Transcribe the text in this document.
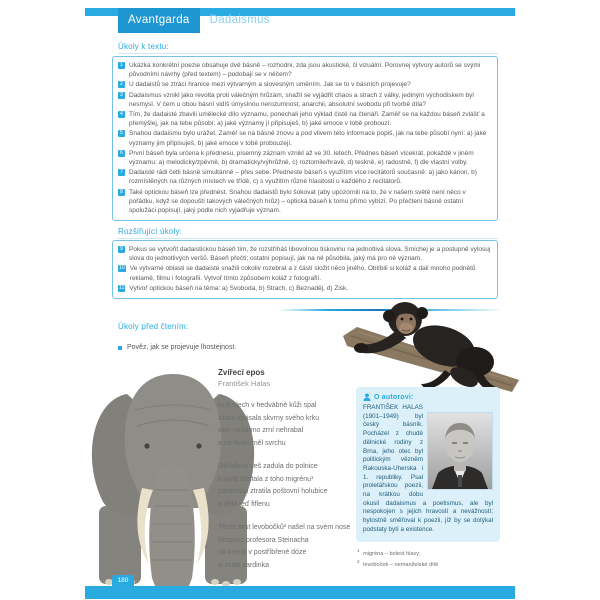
Avantgarda	Dadaismus
Úkoly k textu:
1 Ukázka konkrétní poezie obsahuje dvě básně – rozhodni, zda jsou akustické, či vizuální. Porovnej výtvory autorů se svými původními návrhy (před textem) – podobají se v něčem?
2 U dadaistů se ztrácí hranice mezi výtvarným a slovesným uměním. Jak se to v básních projevuje?
3 Dadaismus vznikl jako revolta proti válečným hrůzám, snažil se vyjádřit chaos a strach z války, jediným východiskem byl nesmysl. V čem u obou básní vidíš úmyslnou nerozumnost, anarchii, absolutní svobodu při tvorbě díla?
4 Tím, že dadaisté zbavili umělecké dílo významu, ponechali jeho výklad čistě na čtenáři. Zaměř se na každou báseň zvlášť a přemýšlej, jak na tebe působí: a) jaké významy jí připisuješ, b) jaké emoce v tobě probouzí.
5 Snahou dadaismu bylo urážet. Zaměř se na básně znovu a pod vlivem této informace popiš, jak na tebe působí nyní: a) jaké významy jim připisuješ, b) jaké emoce v tobě probouzejí.
6 První báseň byla určena k přednesu, písemný záznam vznikl až ve 30. letech. Přednes báseň vícekrát, pokaždé v jiném významu: a) melodicky/zpěvně, b) dramaticky/výhrůžně, c) roztomile/hravě, d) teskně, e) radostně, f) dle vlastní volby.
7 Dadaisté rádi četli básně simultánně – přes sebe. Předneste báseň s využitím více recitátorů současně: a) jako kánon, b) rozmístěných na různých místech ve třídě, c) s využitím různé hlasitosti u každého z recitátorů.
8 Také optickou báseň lze přednést. Snahou dadaistů bylo šokovat (aby upozornili na to, že v našem světě není něco v pořádku, když se dopouští takových válečných hrůz) – optická báseň k tomu přímo vybízí. Po přečtení básně ostatní spolužáci popisují, jaký podle nich vyjadřuje význam.
Rozšiřující úkoly:
9 Pokus se vytvořit dadaistickou báseň tím, že rozstříháš libovolnou tiskovinu na jednotlivá slova. Smíchej je a postupně vylosuj slova do jednotlivých veršů. Báseň přečti; ostatní popisují, jak na ně působila, jaký má pro ně význam.
10 Ve výtvarné oblasti se dadaisté snažili cokoliv rozebrat a z částí složit něco jiného. Oblíbili si koláž a dali mnoho podnětů reklamě, filmu i fotografii. Vytvoř tímto způsobem koláž z fotografií.
11 Vytvoř optickou báseň na téma: a) Svoboda, b) Strach, c) Beznaděj, d) Zisk.
Úkoly před čtením:
Pověz, jak se projevuje lhostejnost.
Zvířecí epos
František Halas
Král blech v hedvábné kůži spal
žirafa spásala skvrny svého krku
slon nadarmo zrní nehrabal
a na lásku měl svrchu
Okřídlená veš zadula do polnice
kobyla dostala z toho migrénu¹
panenství ztratila poštovní holubice
a dělá teď fiflenu
Třicet šest levobočků² našel na svém nose
šimpanz profesora Steinacha
na klenot v postříbřené dóze
si hrála sardinka
O autorovi:
FRANTIŠEK HALAS (1901–1949) byl český básník. Pocházel z chudé dělnické rodiny z Brna, jeho otec byl politickým vězněm Rakouska-Uherska i 1. republiky. Psal proletářskou poezii, na krátkou dobu okusil dadaismus a poetismus, ale byl nespokojen s jejich hravostí a nevážností; bytostně směřoval k poezii, jíž by se dotýkal podstaty bytí a existence.
$^1$ migréna – bolest hlavy;
$^2$ levoboček – nemanželské dítě
180
